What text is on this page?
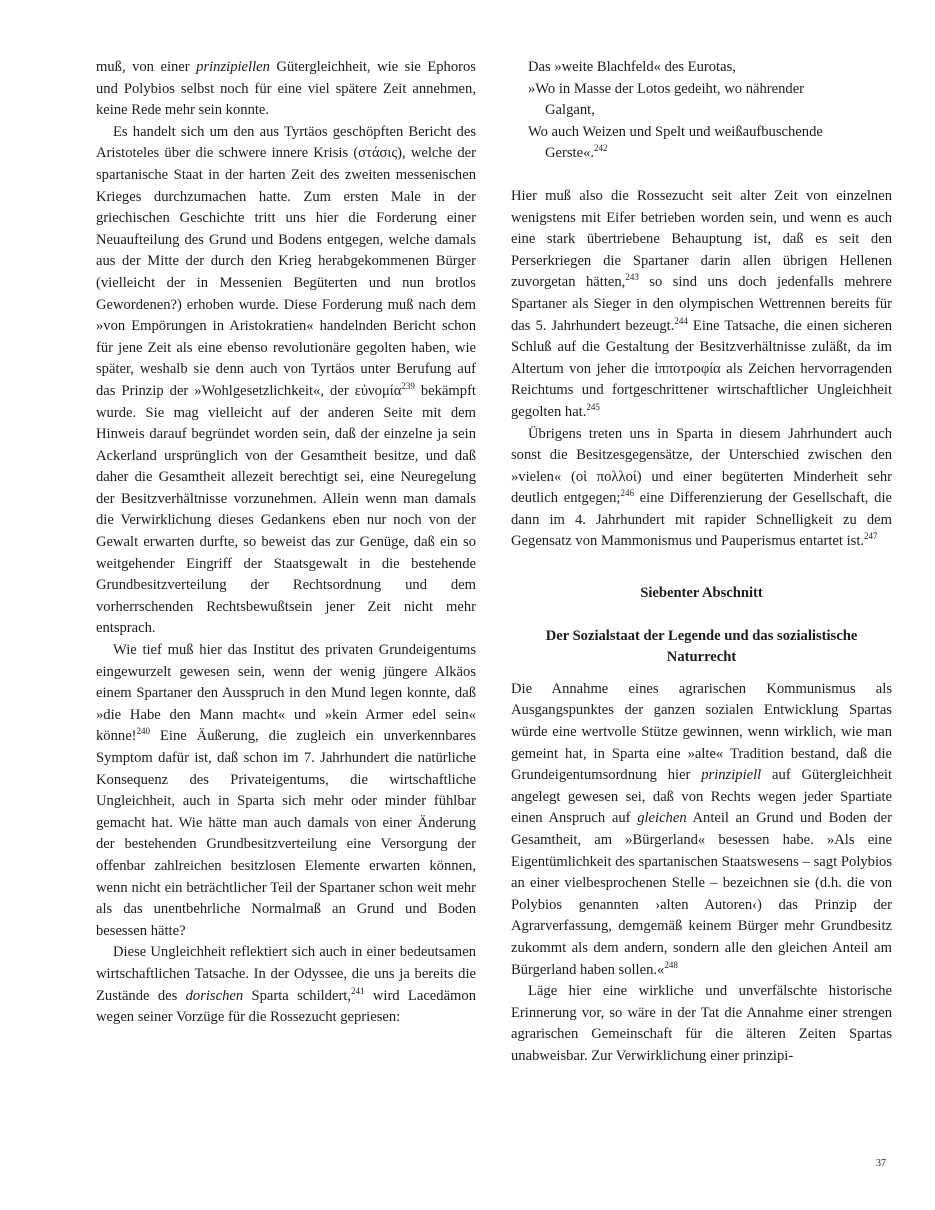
muß, von einer prinzipiellen Gütergleichheit, wie sie Ephoros und Polybios selbst noch für eine viel spätere Zeit annehmen, keine Rede mehr sein konnte.

Es handelt sich um den aus Tyrtäos geschöpften Bericht des Aristoteles über die schwere innere Krisis (στάσις), welche der spartanische Staat in der harten Zeit des zweiten messenischen Krieges durchzumachen hatte. Zum ersten Male in der griechischen Geschichte tritt uns hier die Forderung einer Neuaufteilung des Grund und Bodens entgegen, welche damals aus der Mitte der durch den Krieg herabgekommenen Bürger (vielleicht der in Messenien Begüterten und nun brotlos Gewordenen?) erhoben wurde. Diese Forderung muß nach dem »von Empörungen in Aristokratien« handelnden Bericht schon für jene Zeit als eine ebenso revolutionäre gegolten haben, wie später, weshalb sie denn auch von Tyrtäos unter Berufung auf das Prinzip der »Wohlgesetzlichkeit«, der εὐνομία$^{239}$ bekämpft wurde. Sie mag vielleicht auf der anderen Seite mit dem Hinweis darauf begründet worden sein, daß der einzelne ja sein Ackerland ursprünglich von der Gesamtheit besitze, und daß daher die Gesamtheit allezeit berechtigt sei, eine Neuregelung der Besitzverhältnisse vorzunehmen. Allein wenn man damals die Verwirklichung dieses Gedankens eben nur noch von der Gewalt erwarten durfte, so beweist das zur Genüge, daß ein so weitgehender Eingriff der Staatsgewalt in die bestehende Grundbesitzverteilung der Rechtsordnung und dem vorherrschenden Rechtsbewußtsein jener Zeit nicht mehr entsprach.

Wie tief muß hier das Institut des privaten Grundeigentums eingewurzelt gewesen sein, wenn der wenig jüngere Alkäos einem Spartaner den Ausspruch in den Mund legen konnte, daß »die Habe den Mann macht« und »kein Armer edel sein« könne!$^{240}$ Eine Äußerung, die zugleich ein unverkennbares Symptom dafür ist, daß schon im 7. Jahrhundert die natürliche Konsequenz des Privateigentums, die wirtschaftliche Ungleichheit, auch in Sparta sich mehr oder minder fühlbar gemacht hat. Wie hätte man auch damals von einer Änderung der bestehenden Grundbesitzverteilung eine Versorgung der offenbar zahlreichen besitzlosen Elemente erwarten können, wenn nicht ein beträchtlicher Teil der Spartaner schon weit mehr als das unentbehrliche Normalmaß an Grund und Boden besessen hätte?

Diese Ungleichheit reflektiert sich auch in einer bedeutsamen wirtschaftlichen Tatsache. In der Odyssee, die uns ja bereits die Zustände des dorischen Sparta schildert,$^{241}$ wird Lacedämon wegen seiner Vorzüge für die Rossezucht gepriesen:

Das »weite Blachfeld« des Eurotas,

»Wo in Masse der Lotos gedeiht, wo nährender

Galgant,

Wo auch Weizen und Spelt und weißaufbuschende

Gerste«.$^{242}$

Hier muß also die Rossezucht seit alter Zeit von einzelnen wenigstens mit Eifer betrieben worden sein, und wenn es auch eine stark übertriebene Behauptung ist, daß es seit den Perserkriegen die Spartaner darin allen übrigen Hellenen zuvorgetan hätten,$^{243}$ so sind uns doch jedenfalls mehrere Spartaner als Sieger in den olympischen Wettrennen bereits für das 5. Jahrhundert bezeugt.$^{244}$ Eine Tatsache, die einen sicheren Schluß auf die Gestaltung der Besitzverhältnisse zuläßt, da im Altertum von jeher die ἱπποτροφία als Zeichen hervorragenden Reichtums und fortgeschrittener wirtschaftlicher Ungleichheit gegolten hat.$^{245}$

Übrigens treten uns in Sparta in diesem Jahrhundert auch sonst die Besitzesgegensätze, der Unterschied zwischen den »vielen« (οἱ πολλοί) und einer begüterten Minderheit sehr deutlich entgegen;$^{246}$ eine Differenzierung der Gesellschaft, die dann im 4. Jahrhundert mit rapider Schnelligkeit zu dem Gegensatz von Mammonismus und Pauperismus entartet ist.$^{247}$

Siebenter Abschnitt

Der Sozialstaat der Legende und das sozialistische Naturrecht

Die Annahme eines agrarischen Kommunismus als Ausgangspunktes der ganzen sozialen Entwicklung Spartas würde eine wertvolle Stütze gewinnen, wenn wirklich, wie man gemeint hat, in Sparta eine »alte« Tradition bestand, daß die Grundeigentumsordnung hier prinzipiell auf Gütergleichheit angelegt gewesen sei, daß von Rechts wegen jeder Spartiate einen Anspruch auf gleichen Anteil an Grund und Boden der Gesamtheit, am »Bürgerland« besessen habe. »Als eine Eigentümlichkeit des spartanischen Staatswesens – sagt Polybios an einer vielbesprochenen Stelle – bezeichnen sie (d.h. die von Polybios genannten ›alten Autoren‹) das Prinzip der Agrarverfassung, demgemäß keinem Bürger mehr Grundbesitz zukommt als dem andern, sondern alle den gleichen Anteil am Bürgerland haben sollen.«$^{248}$

Läge hier eine wirkliche und unverfälschte historische Erinnerung vor, so wäre in der Tat die Annahme einer strengen agrarischen Gemeinschaft für die älteren Zeiten Spartas unabweisbar. Zur Verwirklichung einer prinzipi-

37
